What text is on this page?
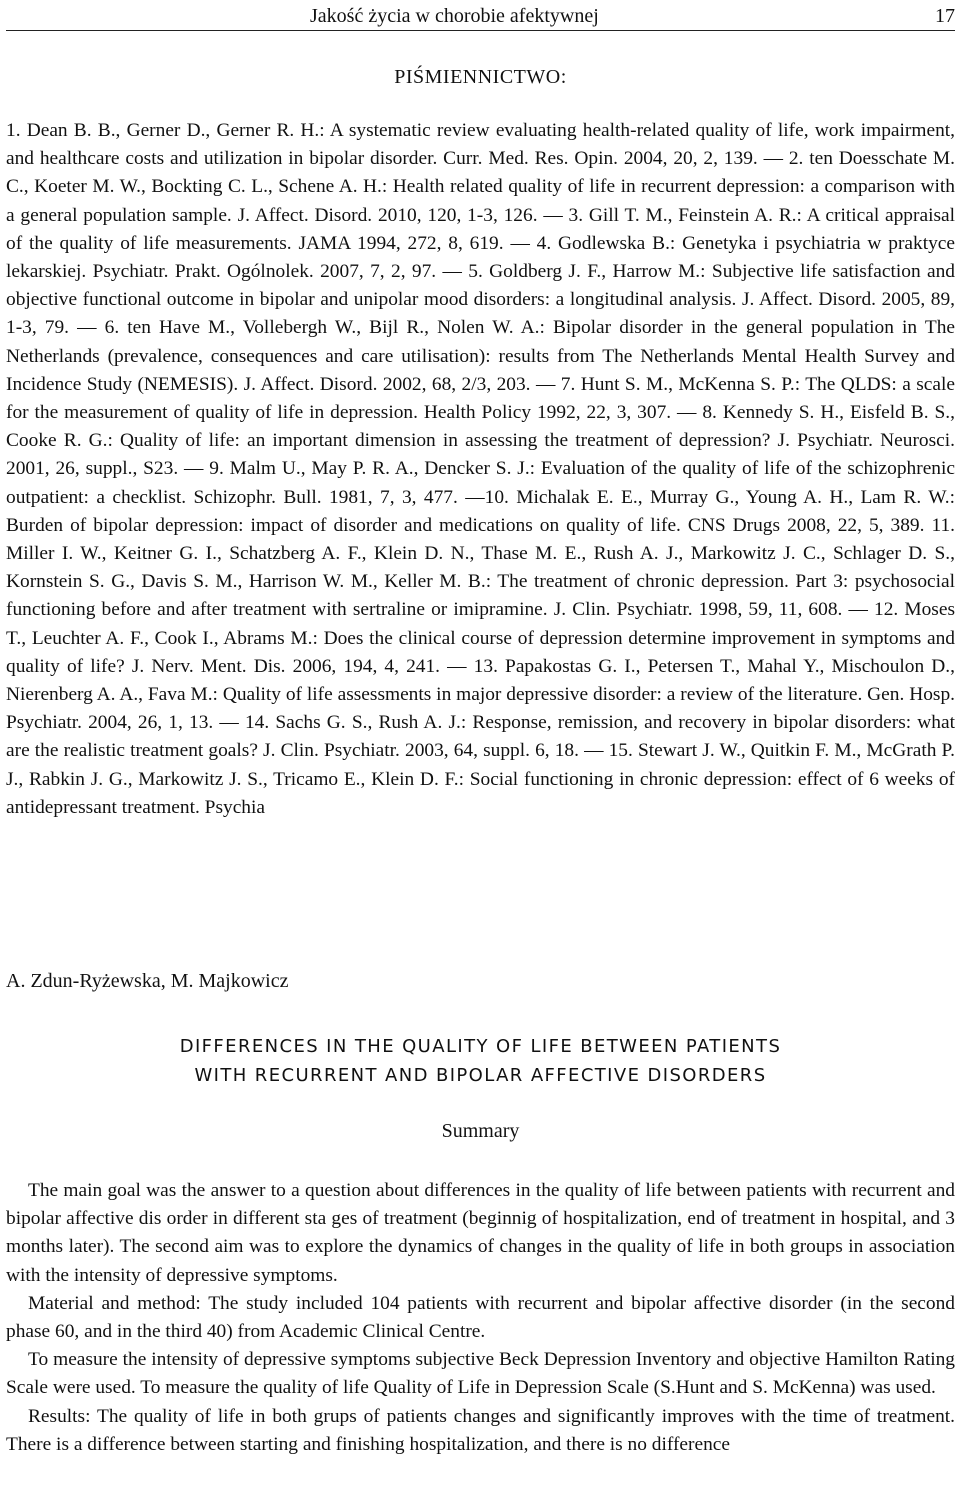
Jakość życia w chorobie afektywnej	17
PIŚMIENNICTWO:

1. Dean B. B., Gerner D., Gerner R. H.: A systematic review evaluating health-related quality of life, work impairment, and healthcare costs and utilization in bipolar disorder. Curr. Med. Res. Opin. 2004, 20, 2, 139. — 2. ten Doesschate M. C., Koeter M. W., Bockting C. L., Schene A. H.: Health related quality of life in recurrent depression: a comparison with a general population sample. J. Affect. Disord. 2010, 120, 1-3, 126. — 3. Gill T. M., Feinstein A. R.: A critical appraisal of the quality of life measurements. JAMA 1994, 272, 8, 619. — 4. Godlewska B.: Genetyka i psychiatria w praktyce lekarskiej. Psychiatr. Prakt. Ogólnolek. 2007, 7, 2, 97. — 5. Goldberg J. F., Harrow M.: Subjective life satisfaction and objective functional outcome in bipolar and unipolar mood disorders: a longitudinal analysis. J. Affect. Disord. 2005, 89, 1-3, 79. — 6. ten Have M., Vollebergh W., Bijl R., Nolen W. A.: Bipolar disorder in the general population in The Netherlands (prevalence, consequences and care utilisation): results from The Netherlands Mental Health Survey and Incidence Study (NEMESIS). J. Affect. Disord. 2002, 68, 2/3, 203. — 7. Hunt S. M., McKenna S. P.: The QLDS: a scale for the measurement of quality of life in depression. Health Policy 1992, 22, 3, 307. — 8. Kennedy S. H., Eisfeld B. S., Cooke R. G.: Quality of life: an important dimension in assessing the treatment of depression? J. Psychiatr. Neurosci. 2001, 26, suppl., S23. — 9. Malm U., May P. R. A., Dencker S. J.: Evaluation of the quality of life of the schizophrenic outpatient: a checklist. Schizophr. Bull. 1981, 7, 3, 477. —10. Michalak E. E., Murray G., Young A. H., Lam R. W.: Burden of bipolar depression: impact of disorder and medications on quality of life. CNS Drugs 2008, 22, 5, 389. 11. Miller I. W., Keitner G. I., Schatzberg A. F., Klein D. N., Thase M. E., Rush A. J., Markowitz J. C., Schlager D. S., Kornstein S. G., Davis S. M., Harrison W. M., Keller M. B.: The treatment of chronic depression. Part 3: psychosocial functioning before and after treatment with sertraline or imipramine. J. Clin. Psychiatr. 1998, 59, 11, 608. — 12. Moses T., Leuchter A. F., Cook I., Abrams M.: Does the clinical course of depression determine improvement in symptoms and quality of life? J. Nerv. Ment. Dis. 2006, 194, 4, 241. — 13. Papakostas G. I., Petersen T., Mahal Y., Mischoulon D., Nierenberg A. A., Fava M.: Quality of life assessments in major depressive disorder: a review of the literature. Gen. Hosp. Psychiatr. 2004, 26, 1, 13. — 14. Sachs G. S., Rush A. J.: Response, remission, and recovery in bipolar disorders: what are the realistic treatment goals? J. Clin. Psychiatr. 2003, 64, suppl. 6, 18. — 15. Stewart J. W., Quitkin F. M., McGrath P. J., Rabkin J. G., Markowitz J. S., Tricamo E., Klein D. F.: Social functioning in chronic depression: effect of 6 weeks of antidepressant treatment. Psychia

A. Zdun-Ryżewska, M. Majkowicz
DIFFERENCES IN THE QUALITY OF LIFE BETWEEN PATIENTS
WITH RECURRENT AND BIPOLAR AFFECTIVE DISORDERS
Summary

The main goal was the answer to a question about differences in the quality of life between patients with recurrent and bipolar affective dis order in different sta ges of treatment (beginnig of hospitalization, end of treatment in hospital, and 3 months later). The second aim was to explore the dynamics of changes in the quality of life in both groups in association with the intensity of depressive symptoms.

Material and method: The study included 104 patients with recurrent and bipolar affective disorder (in the second phase 60, and in the third 40) from Academic Clinical Centre.

To measure the intensity of depressive symptoms subjective Beck Depression Inventory and objective Hamilton Rating Scale were used. To measure the quality of life Quality of Life in Depression Scale (S.Hunt and S. McKenna) was used.

Results: The quality of life in both grups of patients changes and significantly improves with the time of treatment. There is a difference between starting and finishing hospitalization, and there is no difference
